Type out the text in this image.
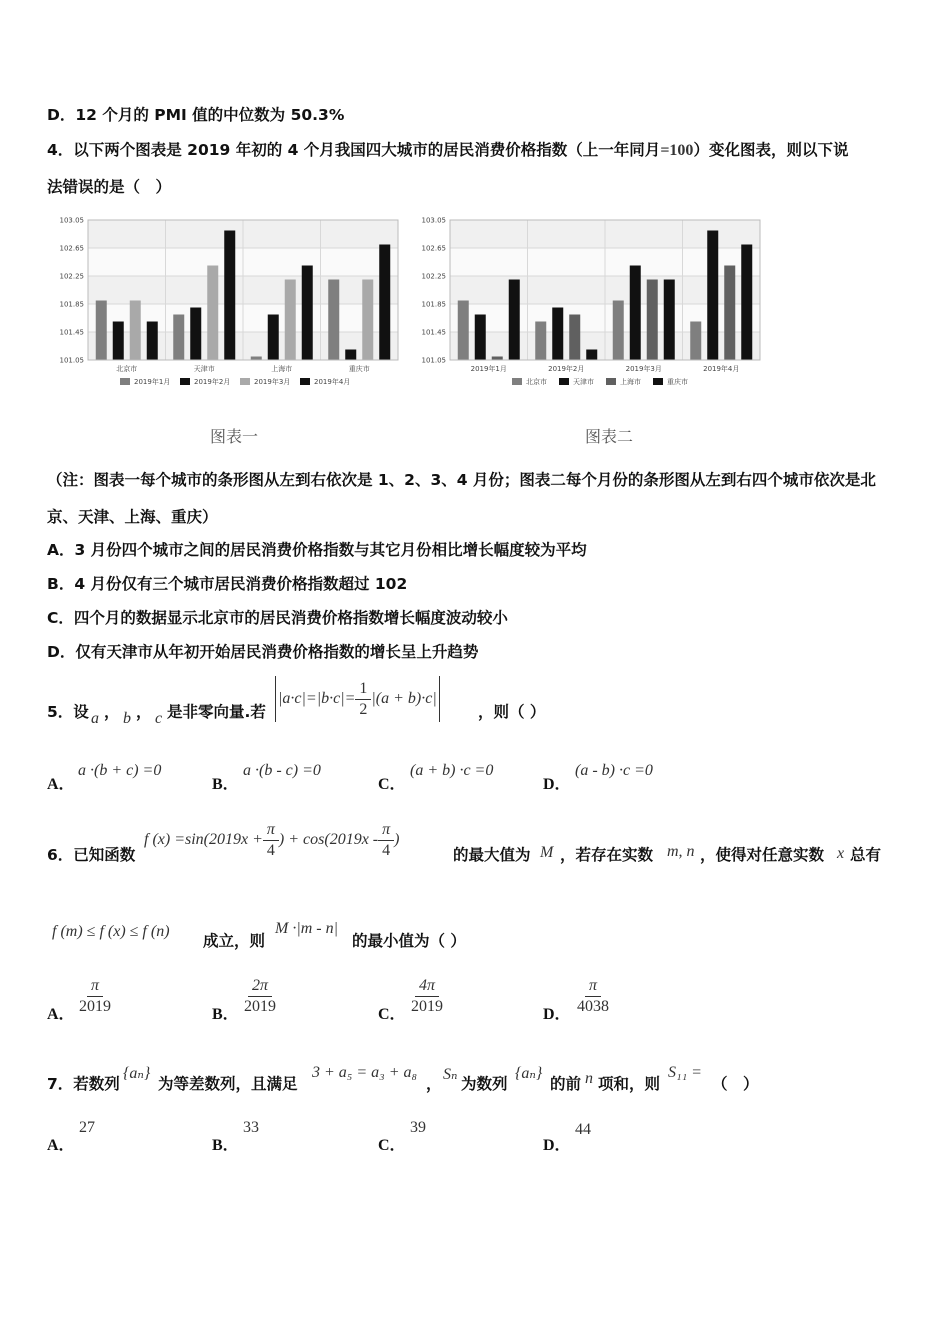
D．12 个月的 PMI 值的中位数为 50.3%
4．以下两个图表是 2019 年初的 4 个月我国四大城市的居民消费价格指数（上一年同月=100）变化图表，则以下说
法错误的是（　）
103.05
102.65
102.25
101.85
101.45
101.05
北京市	天津市	上海市	重庆市
2019年1月	2019年2月	2019年3月	2019年4月
103.05
102.65
102.25
101.85
101.45
101.05
2019年1月	2019年2月	2019年3月	2019年4月
北京市	天津市	上海市	重庆市
图表一	图表二
（注：图表一每个城市的条形图从左到右依次是 1、2、3、4 月份；图表二每个月份的条形图从左到右四个城市依次是北
京、天津、上海、重庆）
A．3 月份四个城市之间的居民消费价格指数与其它月份相比增长幅度较为平均
B．4 月份仅有三个城市居民消费价格指数超过 102
C．四个月的数据显示北京市的居民消费价格指数增长幅度波动较小
D．仅有天津市从年初开始居民消费价格指数的增长呈上升趋势
5．设 a ， b ， c 是非零向量.若
$|a\cdot c|=|b\cdot c|= \frac{1}{2} |(a + b)\cdot c|$
，则（ ）
A．
a ·(b + c) =0
B．
a ·(b - c) =0
C．
(a + b) ·c =0
D．
(a - b) ·c =0
6．已知函数
f $(x) =\sin(2019x + \frac{\pi}{4}$ ) + $\cos(2019x - \frac{\pi}{4}$ )
的最大值为 M ，若存在实数 m, n ，使得对任意实数 x 总有
f (m) ≤ f (x) ≤ f (n)
成立，则
M ·|m - n|
的最小值为（ ）
A． $\frac{\pi}{2019}$	B． $\frac{2\pi}{2019}$	C． $\frac{4\pi}{2019}$	D． $\frac{\pi}{4038}$
7．若数列
{aₙ}
为等差数列，且满足
3 + a₅ = a₃ + a₈
，
Sₙ
为数列
{aₙ}
的前 n 项和，则
S₁₁ =
（　）
A．
27
B．
33
C．
39
D．
44
